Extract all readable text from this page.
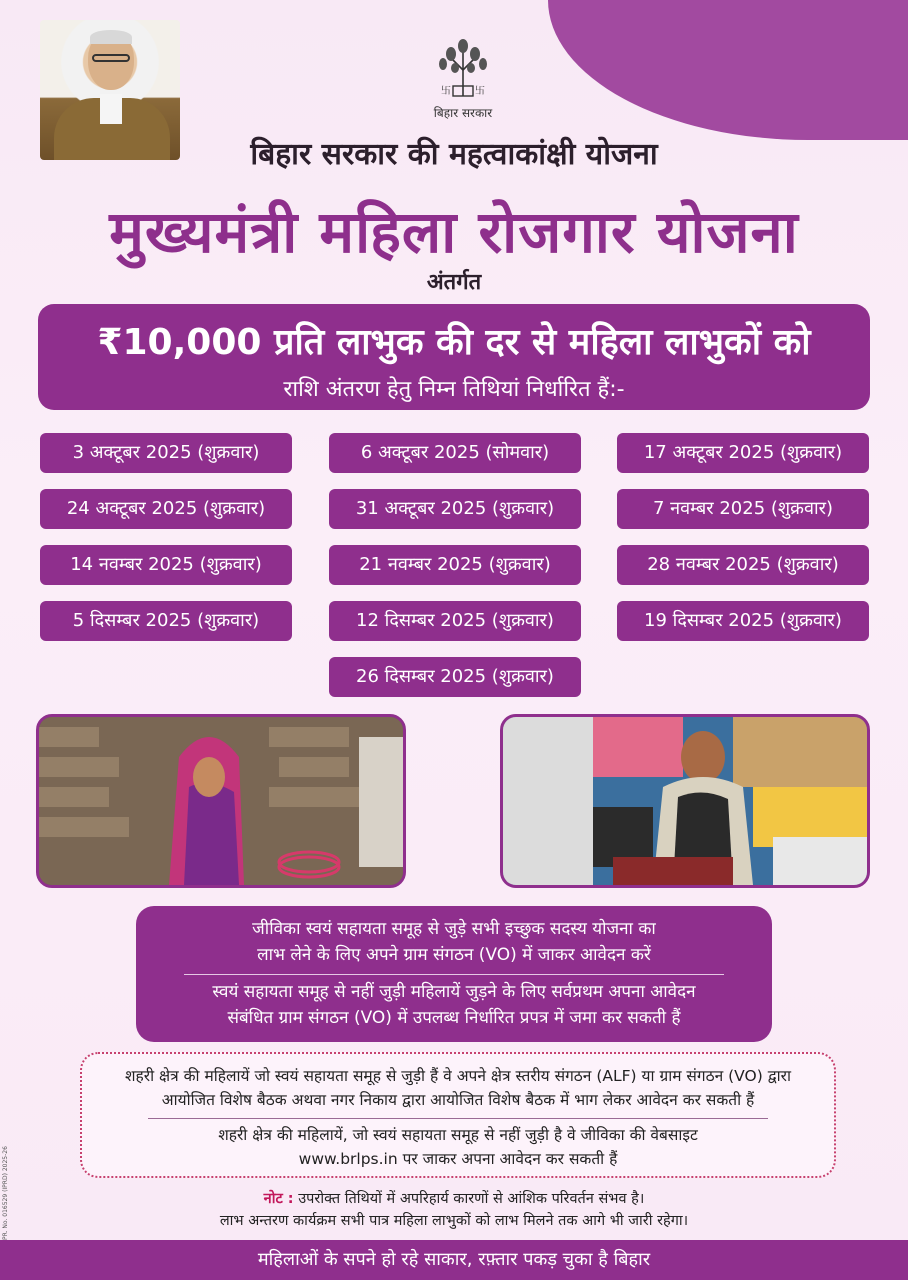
卐 卐
बिहार सरकार
बिहार सरकार की महत्वाकांक्षी योजना
मुख्यमंत्री महिला रोजगार योजना
अंतर्गत
₹10,000 प्रति लाभुक की दर से महिला लाभुकों को
राशि अंतरण हेतु निम्न तिथियां निर्धारित हैं:-
3 अक्टूबर 2025 (शुक्रवार)	6 अक्टूबर 2025 (सोमवार)	17 अक्टूबर 2025 (शुक्रवार)
24 अक्टूबर 2025 (शुक्रवार)	31 अक्टूबर 2025 (शुक्रवार)	7 नवम्बर 2025 (शुक्रवार)
14 नवम्बर 2025 (शुक्रवार)	21 नवम्बर 2025 (शुक्रवार)	28 नवम्बर 2025 (शुक्रवार)
5 दिसम्बर 2025 (शुक्रवार)	12 दिसम्बर 2025 (शुक्रवार)	19 दिसम्बर 2025 (शुक्रवार)
26 दिसम्बर 2025 (शुक्रवार)
जीविका स्वयं सहायता समूह से जुड़े सभी इच्छुक सदस्य योजना का
लाभ लेने के लिए अपने ग्राम संगठन (VO) में जाकर आवेदन करें
स्वयं सहायता समूह से नहीं जुड़ी महिलायें जुड़ने के लिए सर्वप्रथम अपना आवेदन
संबंधित ग्राम संगठन (VO) में उपलब्ध निर्धारित प्रपत्र में जमा कर सकती हैं
शहरी क्षेत्र की महिलायें जो स्वयं सहायता समूह से जुड़ी हैं वे अपने क्षेत्र स्तरीय संगठन (ALF) या ग्राम संगठन (VO) द्वारा
आयोजित विशेष बैठक अथवा नगर निकाय द्वारा आयोजित विशेष बैठक में भाग लेकर आवेदन कर सकती हैं
शहरी क्षेत्र की महिलायें, जो स्वयं सहायता समूह से नहीं जुड़ी है वे जीविका की वेबसाइट
www.brlps.in पर जाकर अपना आवेदन कर सकती हैं
नोट : उपरोक्त तिथियों में अपरिहार्य कारणों से आंशिक परिवर्तन संभव है।
लाभ अन्तरण कार्यक्रम सभी पात्र महिला लाभुकों को लाभ मिलने तक आगे भी जारी रहेगा।
PR. No. 016529 (IPRD) 2025-26
महिलाओं के सपने हो रहे साकार, रफ़्तार पकड़ चुका है बिहार
